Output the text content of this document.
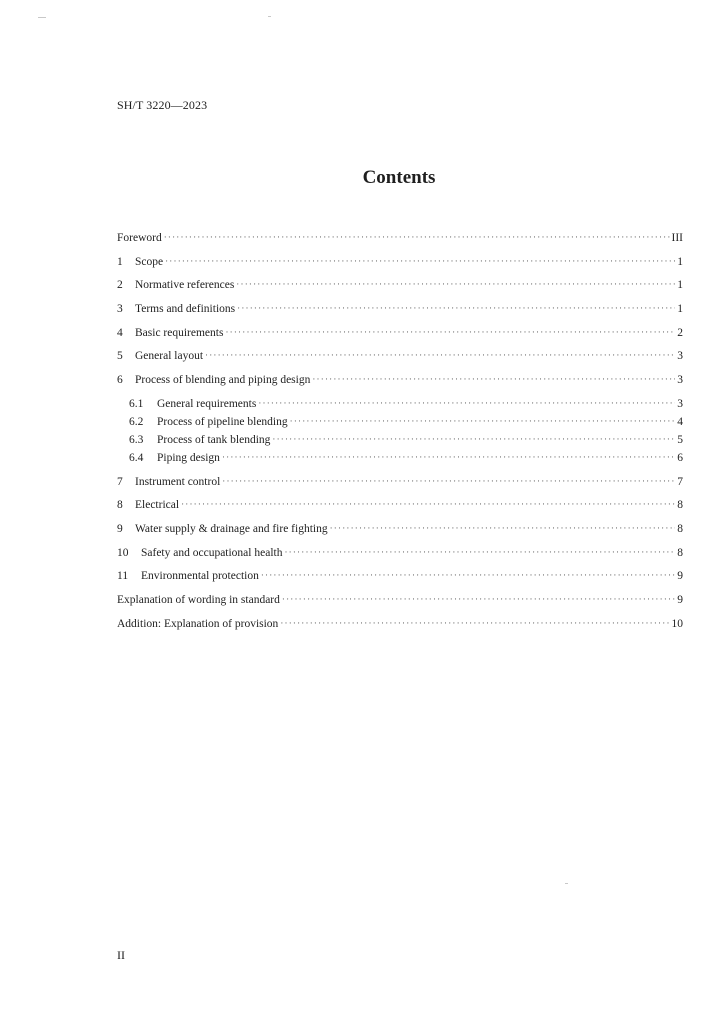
SH/T 3220—2023
Contents
Foreword ·····	III
1	Scope ·····	1
2	Normative references ·····	1
3	Terms and definitions ·····	1
4	Basic requirements ·····	2
5	General layout ·····	3
6	Process of blending and piping design ·····	3
6.1	General requirements ·····	3
6.2	Process of pipeline blending ·····	4
6.3	Process of tank blending ·····	5
6.4	Piping design ·····	6
7	Instrument control ·····	7
8	Electrical ·····	8
9	Water supply & drainage and fire fighting ·····	8
10	Safety and occupational health ·····	8
11	Environmental protection ·····	9
Explanation of wording in standard ·····	9
Addition: Explanation of provision ·····	10
II
